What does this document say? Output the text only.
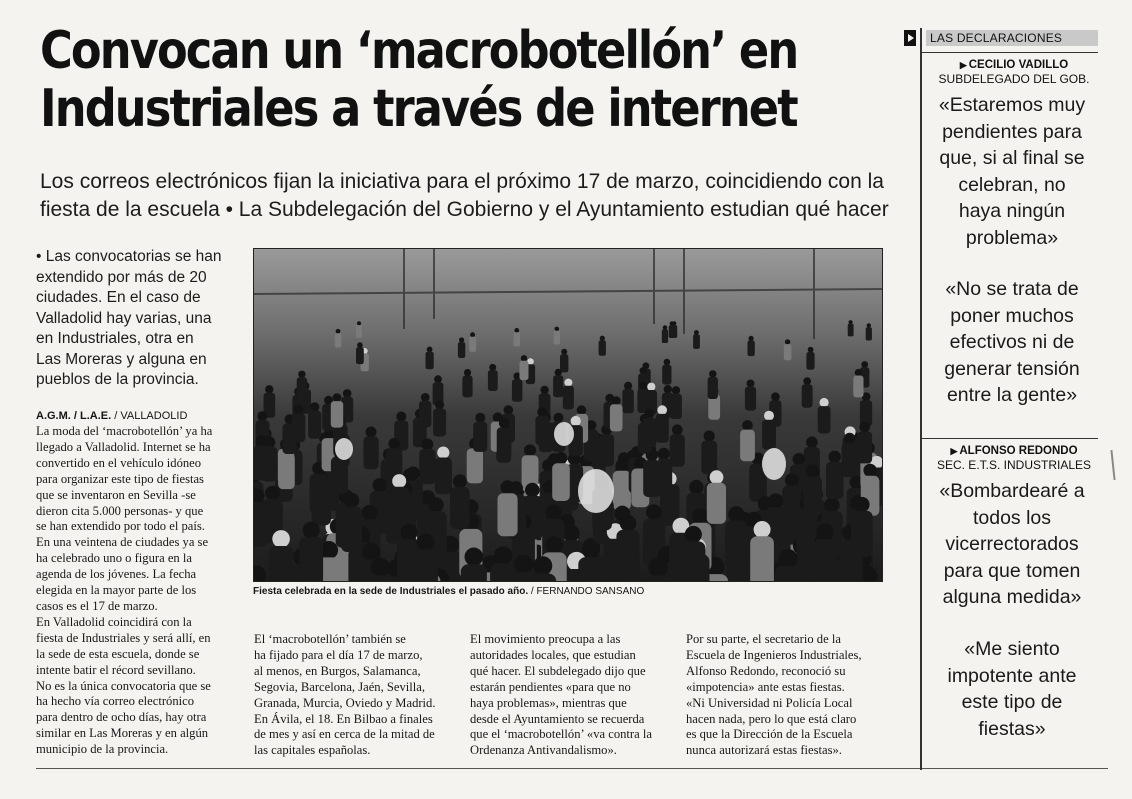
Convocan un ‘macrobotellón’ en
Industriales a través de internet
Los correos electrónicos fijan la iniciativa para el próximo 17 de marzo, coincidiendo con la
fiesta de la escuela • La Subdelegación del Gobierno y el Ayuntamiento estudian qué hacer
• Las convocatorias se han
extendido por más de 20
ciudades. En el caso de
Valladolid hay varias, una
en Industriales, otra en
Las Moreras y alguna en
pueblos de la provincia.
A.G.M. / L.A.E. / VALLADOLID
La moda del ‘macrobotellón’ ya ha
llegado a Valladolid. Internet se ha
convertido en el vehículo idóneo
para organizar este tipo de fiestas
que se inventaron en Sevilla -se
dieron cita 5.000 personas- y que
se han extendido por todo el país.
En una veintena de ciudades ya se
ha celebrado uno o figura en la
agenda de los jóvenes. La fecha
elegida en la mayor parte de los
casos es el 17 de marzo.
En Valladolid coincidirá con la
fiesta de Industriales y será allí, en
la sede de esta escuela, donde se
intente batir el récord sevillano.
No es la única convocatoria que se
ha hecho vía correo electrónico
para dentro de ocho días, hay otra
similar en Las Moreras y en algún
municipio de la provincia.
El ‘macrobotellón’ también se
ha fijado para el día 17 de marzo,
al menos, en Burgos, Salamanca,
Segovia, Barcelona, Jaén, Sevilla,
Granada, Murcia, Oviedo y Madrid.
En Ávila, el 18. En Bilbao a finales
de mes y así en cerca de la mitad de
las capitales españolas.
El movimiento preocupa a las
autoridades locales, que estudian
qué hacer. El subdelegado dijo que
estarán pendientes «para que no
haya problemas», mientras que
desde el Ayuntamiento se recuerda
que el ‘macrobotellón’ «va contra la
Ordenanza Antivandalismo».
Por su parte, el secretario de la
Escuela de Ingenieros Industriales,
Alfonso Redondo, reconoció su
«impotencia» ante estas fiestas.
«Ni Universidad ni Policía Local
hacen nada, pero lo que está claro
es que la Dirección de la Escuela
nunca autorizará estas fiestas».
Fiesta celebrada en la sede de Industriales el pasado año. / FERNANDO SANSANO
LAS DECLARACIONES
▶ CECILIO VADILLO
SUBDELEGADO DEL GOB.
«Estaremos muy
pendientes para
que, si al final se
celebran, no
haya ningún
problema»
«No se trata de
poner muchos
efectivos ni de
generar tensión
entre la gente»
▶ ALFONSO REDONDO
SEC. E.T.S. INDUSTRIALES
«Bombardearé a
todos los
vicerrectorados
para que tomen
alguna medida»
«Me siento
impotente ante
este tipo de
fiestas»
